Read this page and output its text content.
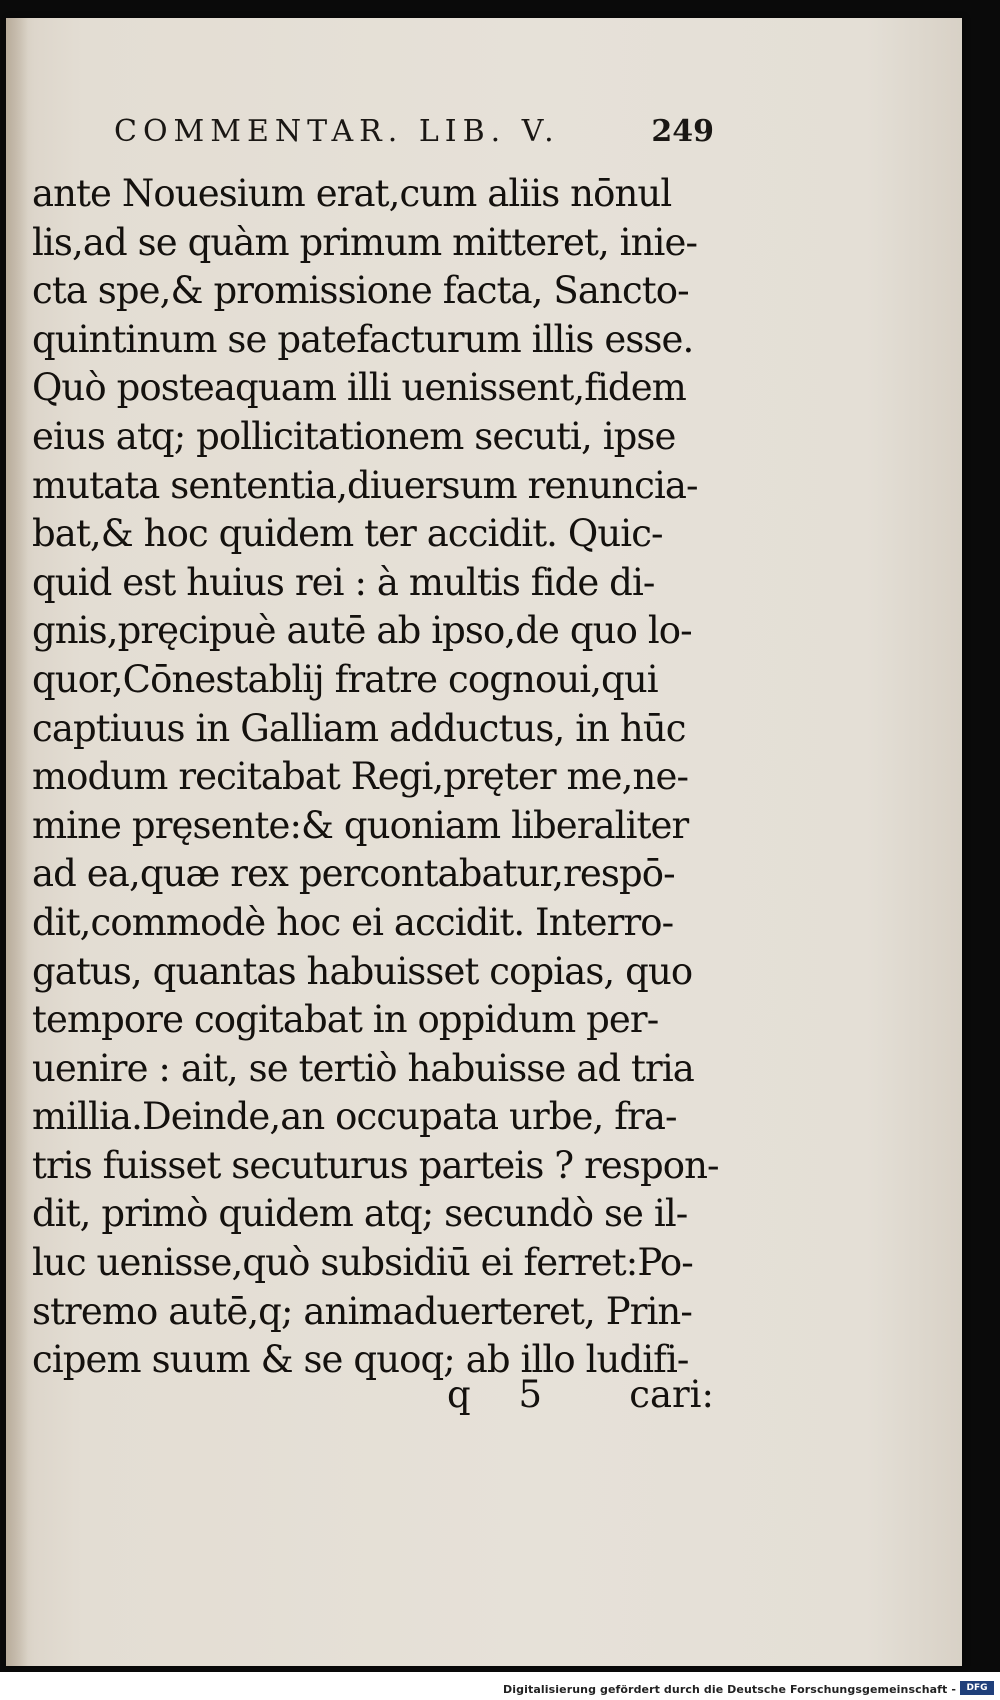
COMMENTAR. LIB. V.	249
ante Nouesium erat,cum aliis nōnul
lis,ad se quàm primum mitteret, inie-
cta spe,& promissione facta, Sancto-
quintinum se patefacturum illis esse.
Quò posteaquam illi uenissent,fidem
eius atq; pollicitationem secuti, ipse
mutata sententia,diuersum renuncia-
bat,& hoc quidem ter accidit. Quic-
quid est huius rei : à multis fide di-
gnis,pręcipuè autē ab ipso,de quo lo-
quor,Cōnestablij fratre cognoui,qui
captiuus in Galliam adductus, in hūc
modum recitabat Regi,pręter me,ne-
mine pręsente:& quoniam liberaliter
ad ea,quæ rex percontabatur,respō-
dit,commodè hoc ei accidit. Interro-
gatus, quantas habuisset copias, quo
tempore cogitabat in oppidum per-
uenire : ait, se tertiò habuisse ad tria
millia.Deinde,an occupata urbe, fra-
tris fuisset secuturus parteis ? respon-
dit, primò quidem atq; secundò se il-
luc uenisse,quò subsidiū ei ferret:Po-
stremo autē,q; animaduerteret, Prin-
cipem suum & se quoq; ab illo ludifi-
q 5 cari:
Digitalisierung gefördert durch die Deutsche Forschungsgemeinschaft -	DFG
